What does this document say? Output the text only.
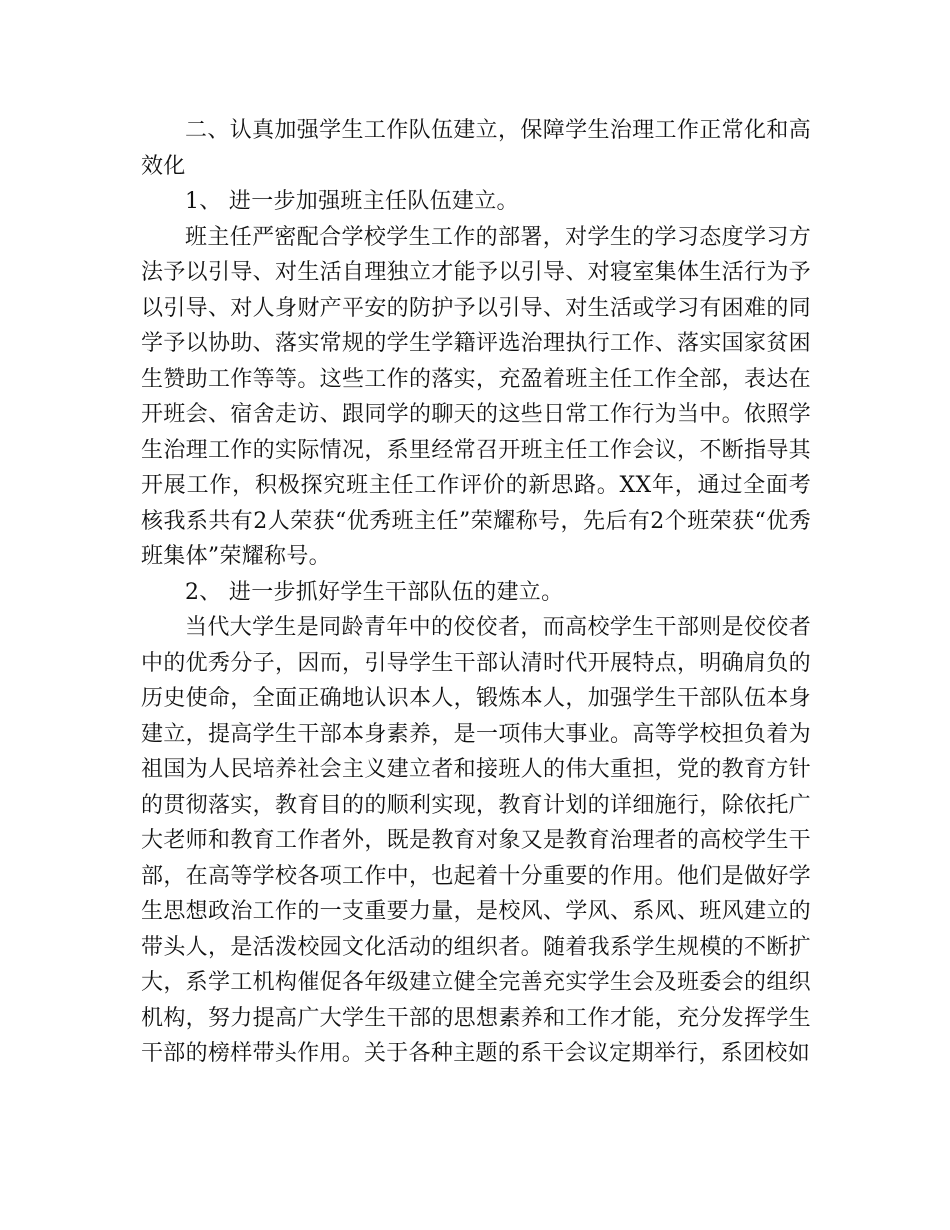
二、认真加强学生工作队伍建立，保障学生治理工作正常化和高效化

1、 进一步加强班主任队伍建立。

班主任严密配合学校学生工作的部署，对学生的学习态度学习方法予以引导、对生活自理独立才能予以引导、对寝室集体生活行为予以引导、对人身财产平安的防护予以引导、对生活或学习有困难的同学予以协助、落实常规的学生学籍评选治理执行工作、落实国家贫困生赞助工作等等。这些工作的落实，充盈着班主任工作全部，表达在开班会、宿舍走访、跟同学的聊天的这些日常工作行为当中。依照学生治理工作的实际情况，系里经常召开班主任工作会议，不断指导其开展工作，积极探究班主任工作评价的新思路。XX年，通过全面考核我系共有2人荣获“优秀班主任”荣耀称号，先后有2个班荣获“优秀班集体”荣耀称号。

2、 进一步抓好学生干部队伍的建立。

当代大学生是同龄青年中的佼佼者，而高校学生干部则是佼佼者中的优秀分子，因而，引导学生干部认清时代开展特点，明确肩负的历史使命，全面正确地认识本人，锻炼本人，加强学生干部队伍本身建立，提高学生干部本身素养，是一项伟大事业。高等学校担负着为祖国为人民培养社会主义建立者和接班人的伟大重担，党的教育方针的贯彻落实，教育目的的顺利实现，教育计划的详细施行，除依托广大老师和教育工作者外，既是教育对象又是教育治理者的高校学生干部，在高等学校各项工作中，也起着十分重要的作用。他们是做好学生思想政治工作的一支重要力量，是校风、学风、系风、班风建立的带头人，是活泼校园文化活动的组织者。随着我系学生规模的不断扩大，系学工机构催促各年级建立健全完善充实学生会及班委会的组织机构，努力提高广大学生干部的思想素养和工作才能，充分发挥学生干部的榜样带头作用。关于各种主题的系干会议定期举行，系团校如
